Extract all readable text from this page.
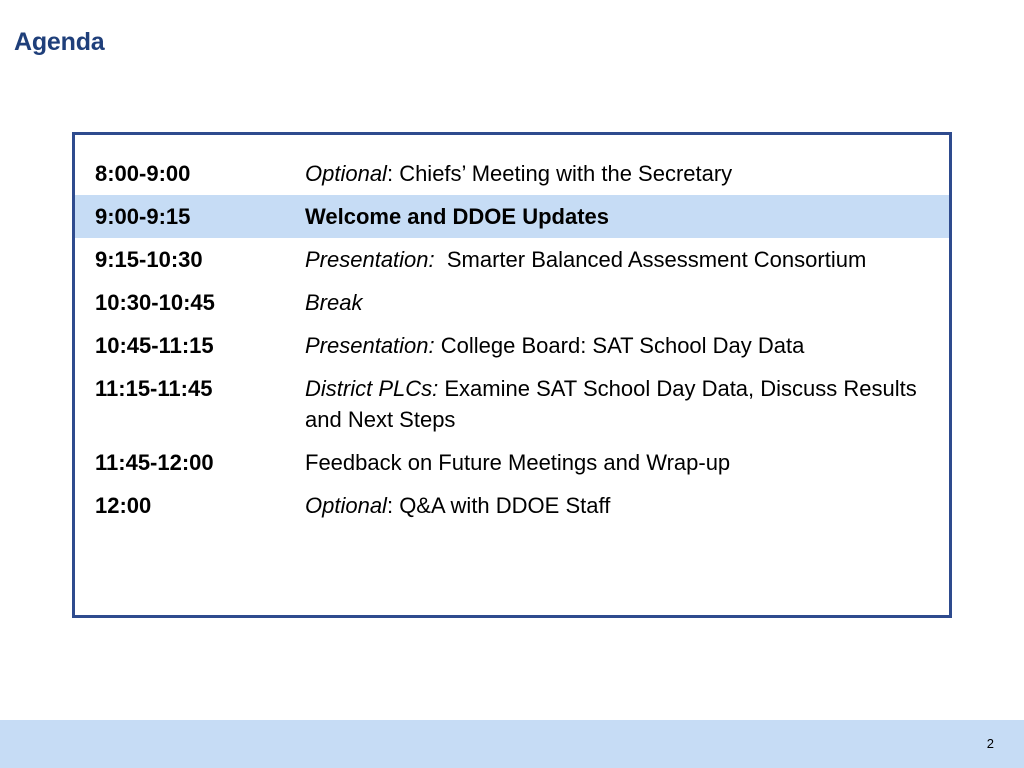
Agenda
8:00-9:00	Optional: Chiefs’ Meeting with the Secretary
9:00-9:15	Welcome and DDOE Updates
9:15-10:30	Presentation: Smarter Balanced Assessment Consortium
10:30-10:45	Break
10:45-11:15	Presentation: College Board: SAT School Day Data
11:15-11:45	District PLCs: Examine SAT School Day Data, Discuss Results and Next Steps
11:45-12:00	Feedback on Future Meetings and Wrap-up
12:00	Optional: Q&A with DDOE Staff
2
